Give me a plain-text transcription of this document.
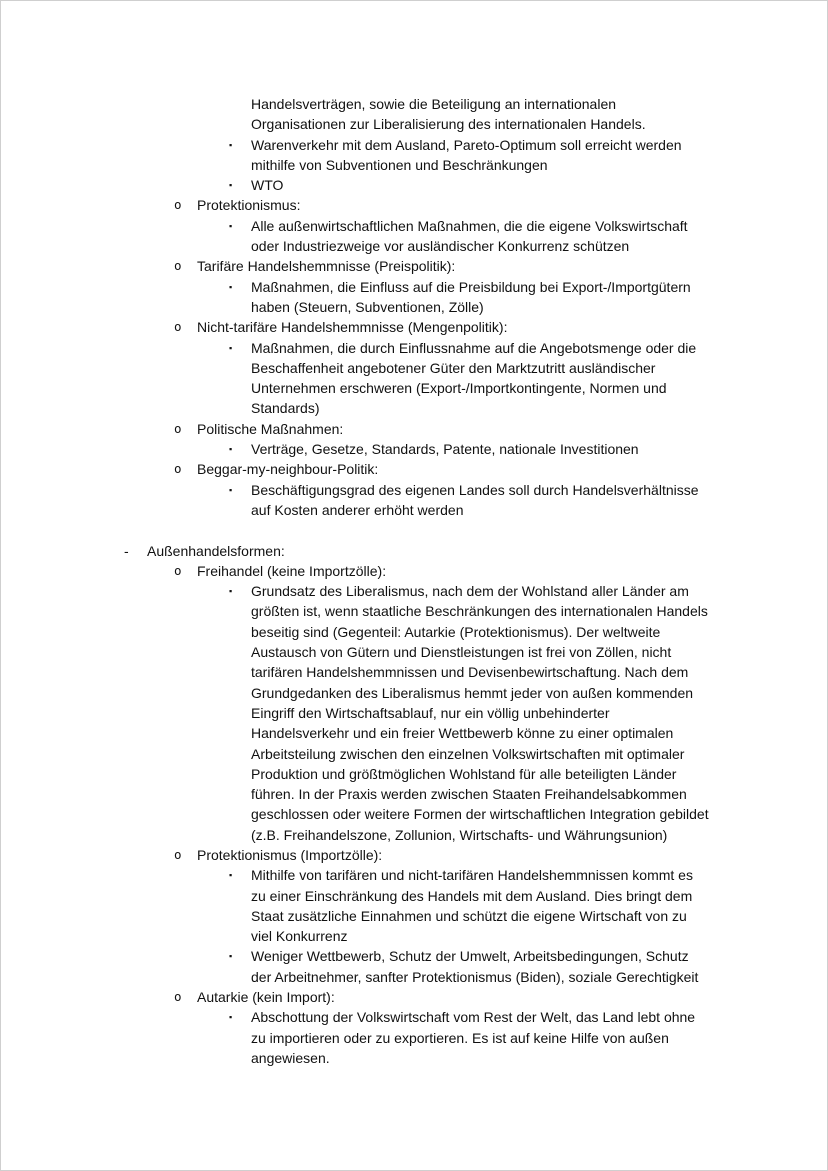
Handelsverträgen, sowie die Beteiligung an internationalen Organisationen zur Liberalisierung des internationalen Handels.
▪ Warenverkehr mit dem Ausland, Pareto-Optimum soll erreicht werden mithilfe von Subventionen und Beschränkungen
▪ WTO
o Protektionismus:
▪ Alle außenwirtschaftlichen Maßnahmen, die die eigene Volkswirtschaft oder Industriezweige vor ausländischer Konkurrenz schützen
o Tarifäre Handelshemmnisse (Preispolitik):
▪ Maßnahmen, die Einfluss auf die Preisbildung bei Export-/Importgütern haben (Steuern, Subventionen, Zölle)
o Nicht-tarifäre Handelshemmnisse (Mengenpolitik):
▪ Maßnahmen, die durch Einflussnahme auf die Angebotsmenge oder die Beschaffenheit angebotener Güter den Marktzutritt ausländischer Unternehmen erschweren (Export-/Importkontingente, Normen und Standards)
o Politische Maßnahmen:
▪ Verträge, Gesetze, Standards, Patente, nationale Investitionen
o Beggar-my-neighbour-Politik:
▪ Beschäftigungsgrad des eigenen Landes soll durch Handelsverhältnisse auf Kosten anderer erhöht werden
- Außenhandelsformen:
o Freihandel (keine Importzölle):
▪ Grundsatz des Liberalismus, nach dem der Wohlstand aller Länder am größten ist, wenn staatliche Beschränkungen des internationalen Handels beseitig sind (Gegenteil: Autarkie (Protektionismus). Der weltweite Austausch von Gütern und Dienstleistungen ist frei von Zöllen, nicht tarifären Handelshemmnissen und Devisenbewirtschaftung. Nach dem Grundgedanken des Liberalismus hemmt jeder von außen kommenden Eingriff den Wirtschaftsablauf, nur ein völlig unbehinderter Handelsverkehr und ein freier Wettbewerb könne zu einer optimalen Arbeitsteilung zwischen den einzelnen Volkswirtschaften mit optimaler Produktion und größtmöglichen Wohlstand für alle beteiligten Länder führen. In der Praxis werden zwischen Staaten Freihandelsabkommen geschlossen oder weitere Formen der wirtschaftlichen Integration gebildet (z.B. Freihandelszone, Zollunion, Wirtschafts- und Währungsunion)
o Protektionismus (Importzölle):
▪ Mithilfe von tarifären und nicht-tarifären Handelshemmnissen kommt es zu einer Einschränkung des Handels mit dem Ausland. Dies bringt dem Staat zusätzliche Einnahmen und schützt die eigene Wirtschaft von zu viel Konkurrenz
▪ Weniger Wettbewerb, Schutz der Umwelt, Arbeitsbedingungen, Schutz der Arbeitnehmer, sanfter Protektionismus (Biden), soziale Gerechtigkeit
o Autarkie (kein Import):
▪ Abschottung der Volkswirtschaft vom Rest der Welt, das Land lebt ohne zu importieren oder zu exportieren. Es ist auf keine Hilfe von außen angewiesen.
